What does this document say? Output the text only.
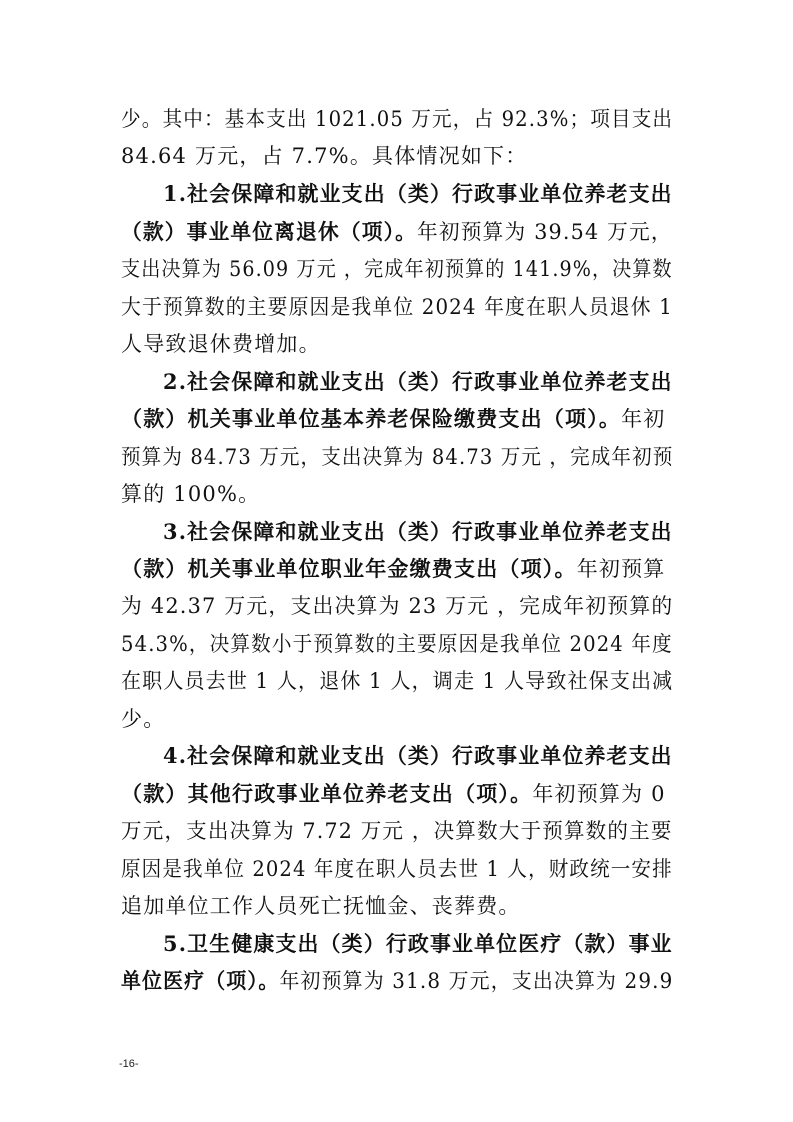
少。其中：基本支出 1021.05 万元，占 92.3%；项目支出
84.64 万元，占 7.7%。具体情况如下：
1.社会保障和就业支出（类）行政事业单位养老支出
（款）事业单位离退休（项）。年初预算为 39.54 万元，
支出决算为 56.09 万元 ，完成年初预算的 141.9%，决算数
大于预算数的主要原因是我单位 2024 年度在职人员退休 1
人导致退休费增加。
2.社会保障和就业支出（类）行政事业单位养老支出
（款）机关事业单位基本养老保险缴费支出（项）。年初
预算为 84.73 万元，支出决算为 84.73 万元 ，完成年初预
算的 100%。
3.社会保障和就业支出（类）行政事业单位养老支出
（款）机关事业单位职业年金缴费支出（项）。年初预算
为 42.37 万元，支出决算为 23 万元 ，完成年初预算的
54.3%，决算数小于预算数的主要原因是我单位 2024 年度
在职人员去世 1 人，退休 1 人，调走 1 人导致社保支出减
少。
4.社会保障和就业支出（类）行政事业单位养老支出
（款）其他行政事业单位养老支出（项）。年初预算为 0
万元，支出决算为 7.72 万元 ，决算数大于预算数的主要
原因是我单位 2024 年度在职人员去世 1 人，财政统一安排
追加单位工作人员死亡抚恤金、丧葬费。
5.卫生健康支出（类）行政事业单位医疗（款）事业
单位医疗（项）。年初预算为 31.8 万元，支出决算为 29.9
-16-
